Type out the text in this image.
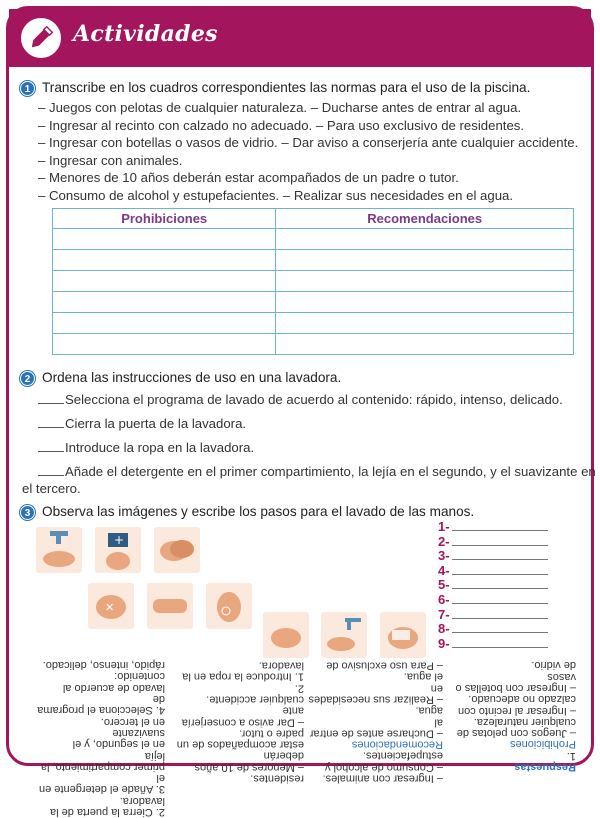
Actividades
1 Transcribe en los cuadros correspondientes las normas para el uso de la piscina.
– Juegos con pelotas de cualquier naturaleza. – Ducharse antes de entrar al agua.
– Ingresar al recinto con calzado no adecuado. – Para uso exclusivo de residentes.
– Ingresar con botellas o vasos de vidrio. – Dar aviso a conserjería ante cualquier accidente.
– Ingresar con animales.
– Menores de 10 años deberán estar acompañados de un padre o tutor.
– Consumo de alcohol y estupefacientes. – Realizar sus necesidades en el agua.
Prohibiciones	Recomendaciones

2 Ordena las instrucciones de uso en una lavadora.
Selecciona el programa de lavado de acuerdo al contenido: rápido, intenso, delicado.
Cierra la puerta de la lavadora.
Introduce la ropa en la lavadora.
Añade el detergente en el primer compartimiento, la lejía en el segundo, y el suavizante en
el tercero.
3 Observa las imágenes y escribe los pasos para el lavado de las manos.
+
✕
1-
2-
3-
4-
5-
6-
7-
8-
9-
Respuestas
1.
Prohibiciones
– Juegos con pelotas de
cualquier naturaleza.
– Ingresar al recinto con
calzado no adecuado.
– Ingresar con botellas o vasos
de vidrio.
– Ingresar con animales.
– Consumo de alcohol y
estupefacientes.
Recomendaciones
– Ducharse antes de entrar al
agua.
– Realizar sus necesidades en
el agua.
– Para uso exclusivo de
residentes.
– Menores de 10 años deberán
estar acompañados de un
padre o tutor.
– Dar aviso a conserjería ante
cualquier accidente.
2.
1. Introduce la ropa en la
lavadora.
2. Cierra la puerta de la
lavadora.
3. Añade el detergente en el
primer compartimiento, la lejía
en el segundo, y el suavizante
en el tercero.
4. Selecciona el programa de
lavado de acuerdo al contenido:
rápido, intenso, delicado.
